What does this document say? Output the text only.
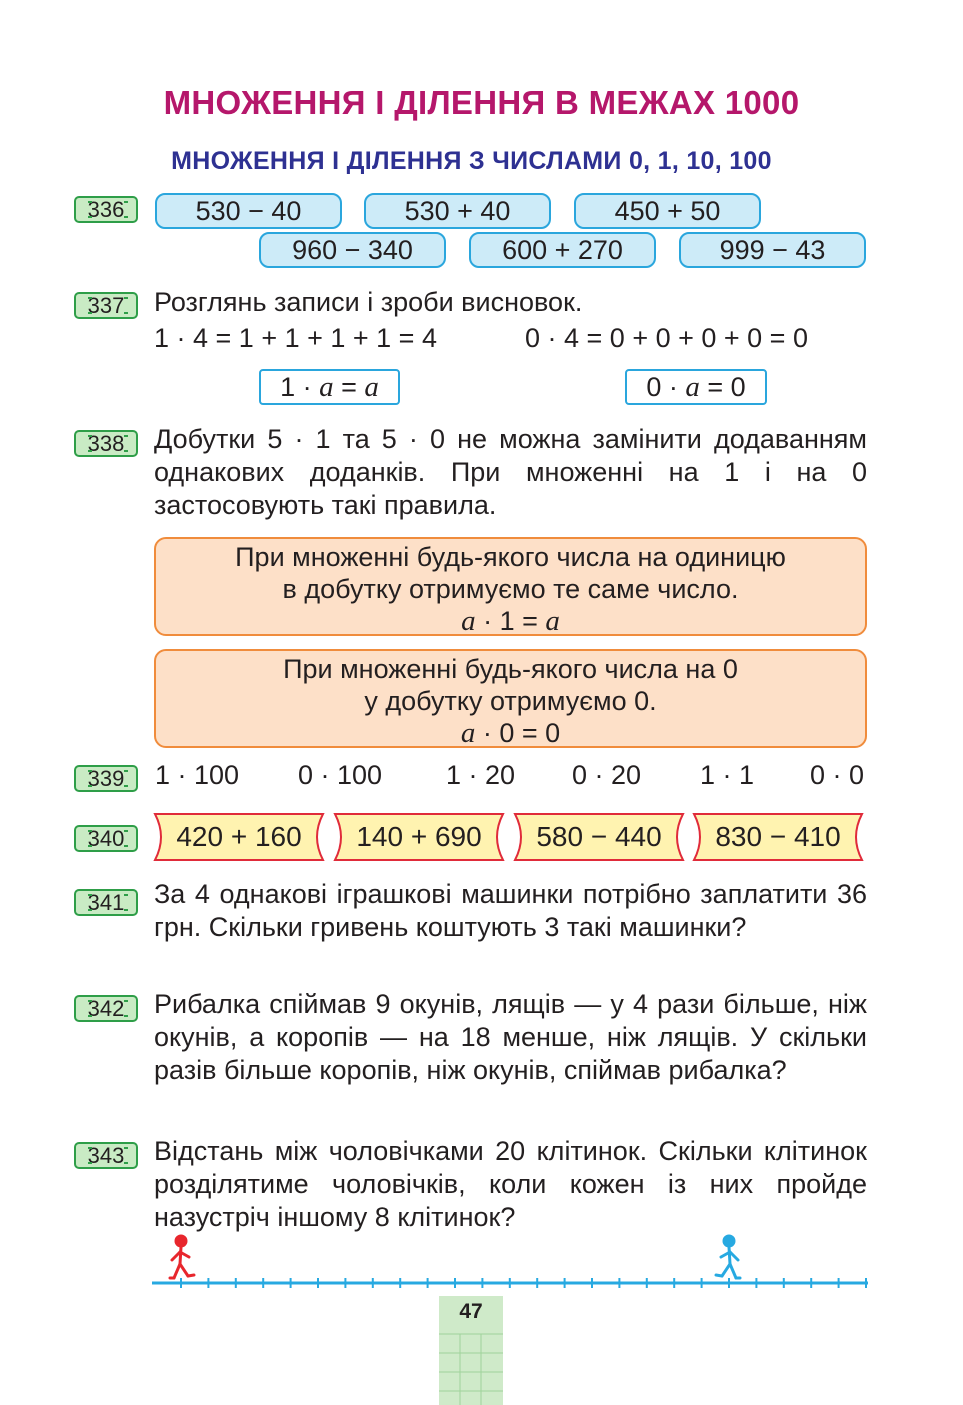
МНОЖЕННЯ І ДІЛЕННЯ В МЕЖАХ 1000
МНОЖЕННЯ І ДІЛЕННЯ З ЧИСЛАМИ 0, 1, 10, 100
336	530 − 40	530 + 40	450 + 50
960 − 340	600 + 270	999 − 43
337	Розглянь записи і зроби висновок.
1 · 4 = 1 + 1 + 1 + 1 = 4	0 · 4 = 0 + 0 + 0 + 0 = 0
1 · a = a	0 · a = 0
338	Добутки 5 · 1 та 5 · 0 не можна замінити додаванням однакових доданків. При множенні на 1 і на 0 застосовують такі правила.
При множенні будь-якого числа на одиницю
в добутку отримуємо те саме число.
a · 1 = a
При множенні будь-якого числа на 0
у добутку отримуємо 0.
a · 0 = 0
339	1 · 100 0 · 100 1 · 20 0 · 20 1 · 1 0 · 0
340	420 + 160	140 + 690	580 − 440	830 − 410
341	За 4 однакові іграшкові машинки потрібно заплатити 36 грн. Скільки гривень коштують 3 такі машинки?
342	Рибалка спіймав 9 окунів, лящів — у 4 рази більше, ніж окунів, а коропів — на 18 менше, ніж лящів. У скільки разів більше коропів, ніж окунів, спіймав рибалка?
343	Відстань між чоловічками 20 клітинок. Скільки клітинок розділятиме чоловічків, коли кожен із них пройде назустріч іншому 8 клітинок?
47
